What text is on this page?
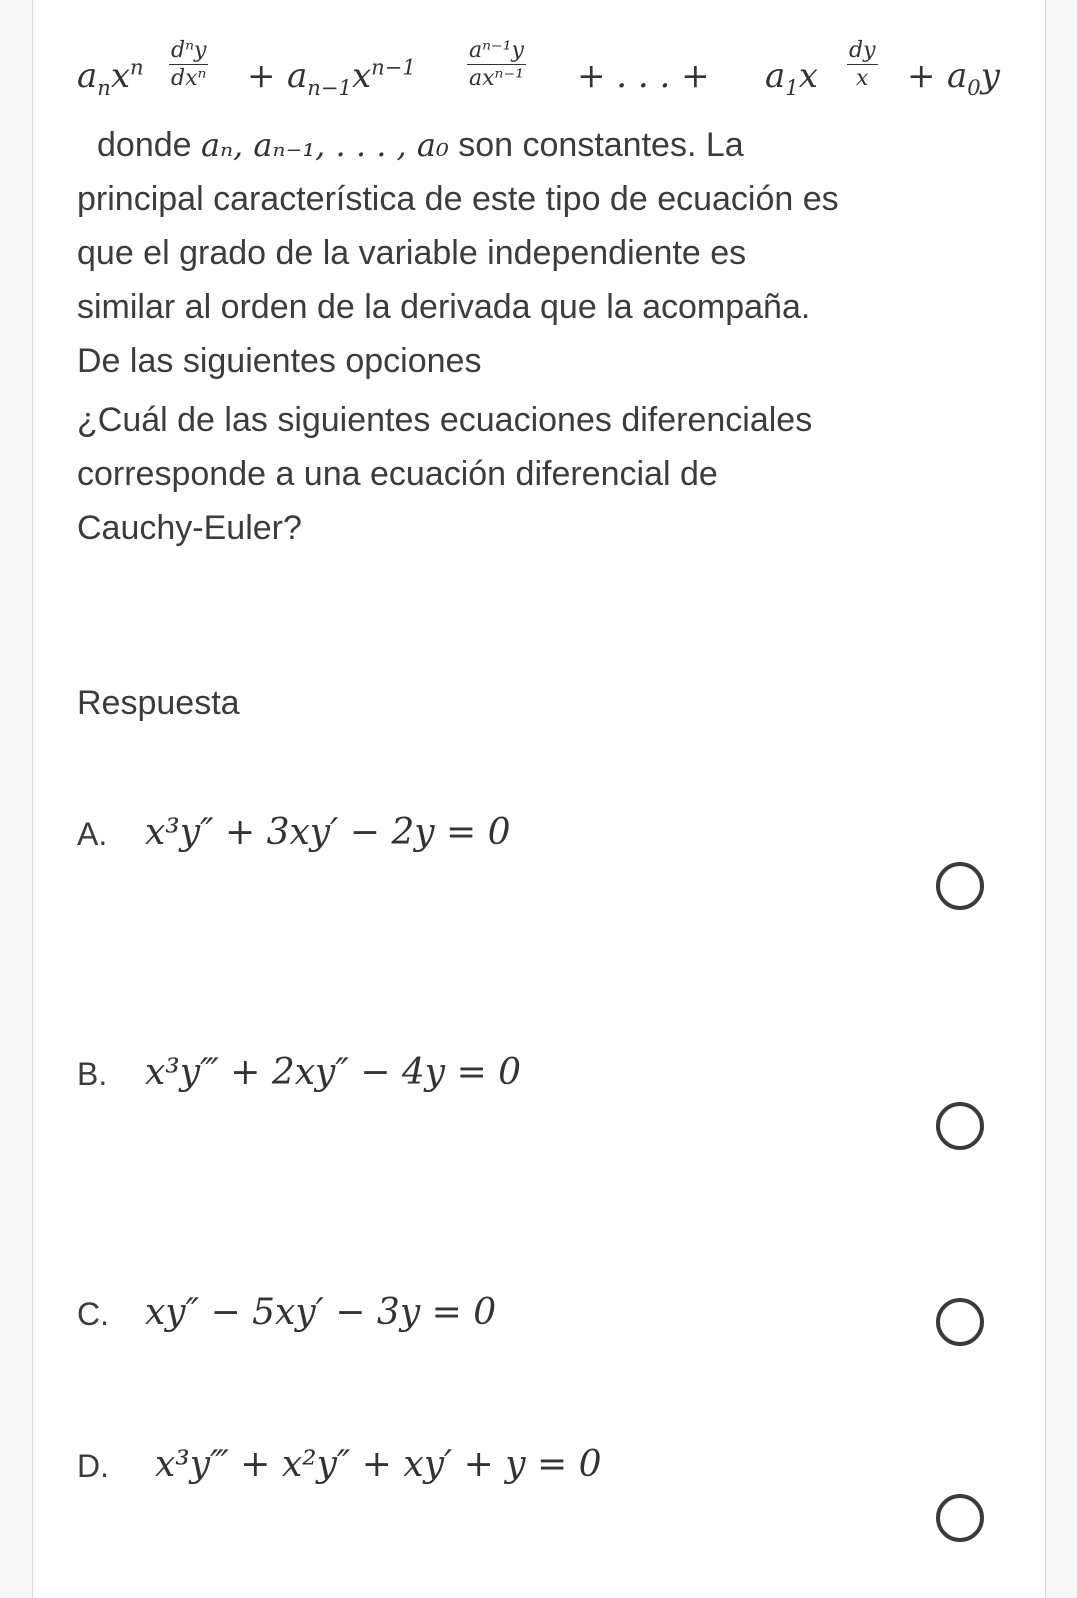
$a_nx^n$
dⁿy
$dx^n + a_{n-1}x^{n-1}$
aⁿ⁻¹y
axⁿ⁻¹ + . . . + $a_1x \frac{dy}{x} + a_0y$
donde aₙ, aₙ₋₁, . . . , a₀ son constantes. La
principal característica de este tipo de ecuación es
que el grado de la variable independiente es
similar al orden de la derivada que la acompaña.
De las siguientes opciones
¿Cuál de las siguientes ecuaciones diferenciales
corresponde a una ecuación diferencial de
Cauchy-Euler?
Respuesta
A. x³y″ + 3xy′ − 2y = 0
B. x³y‴ + 2xy″ − 4y = 0
C. xy″ − 5xy′ − 3y = 0
D. x³y‴ + x²y″ + xy′ + y = 0
